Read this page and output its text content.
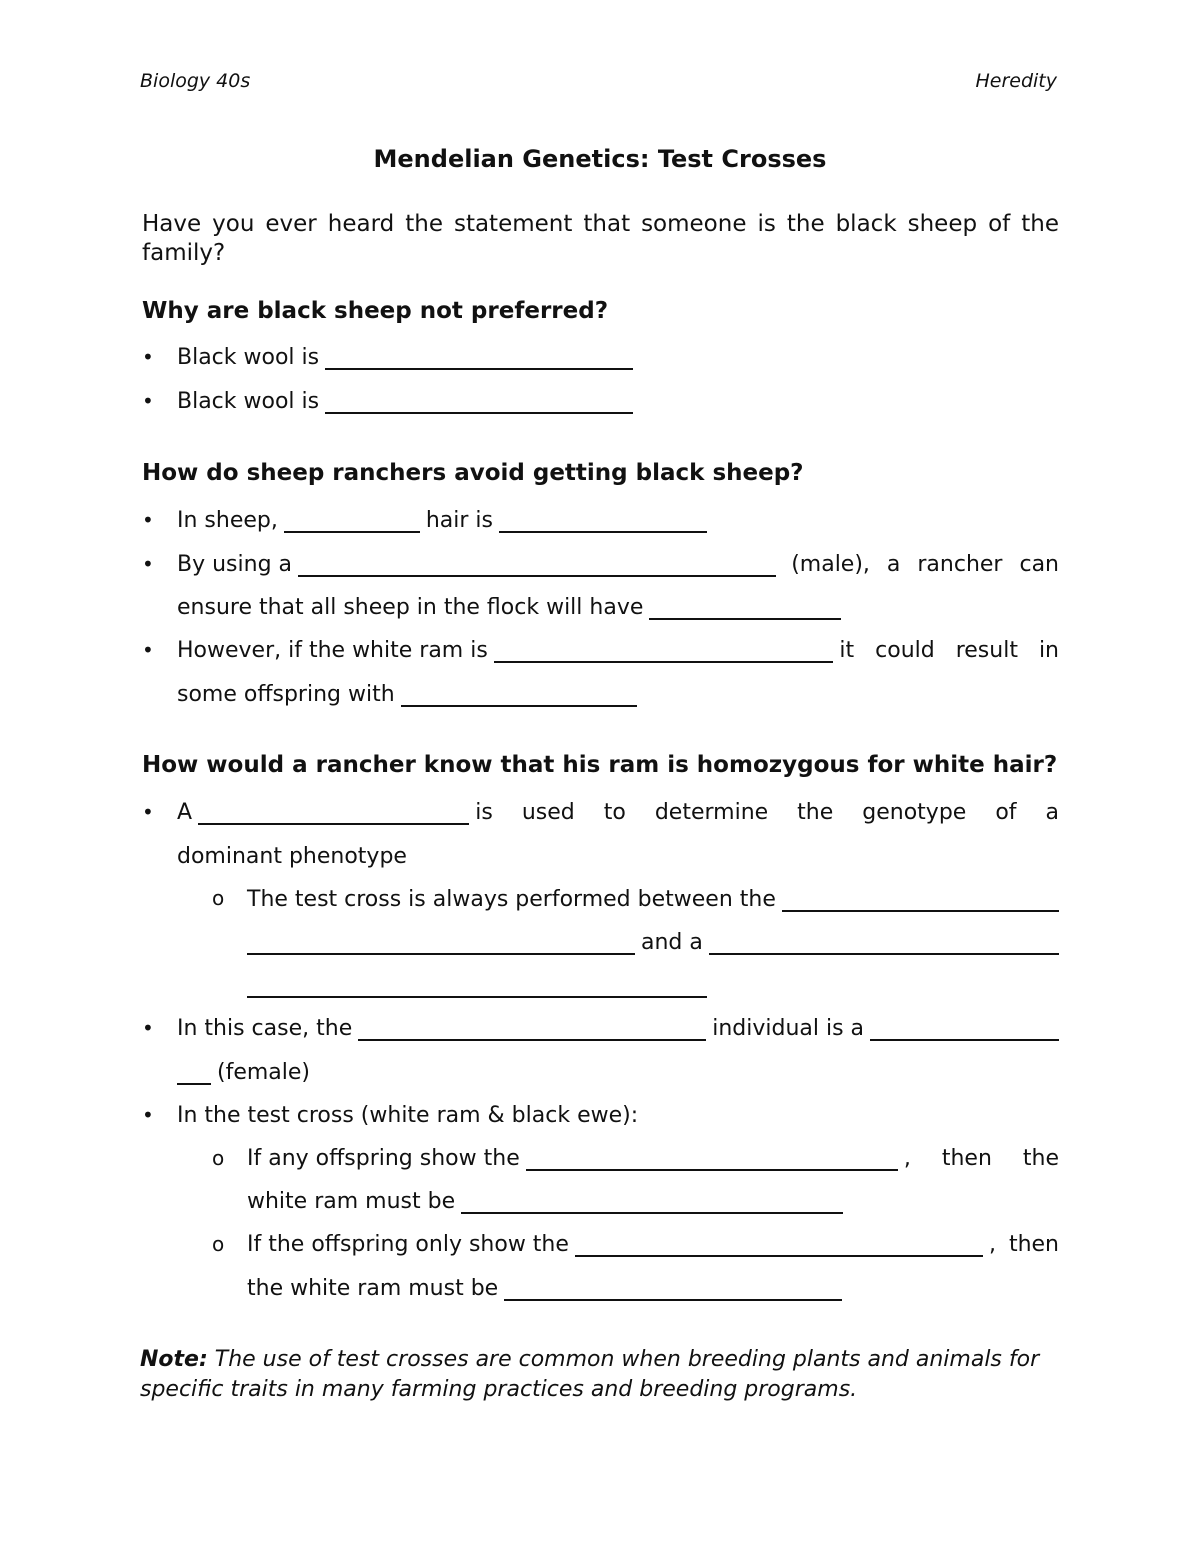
Biology 40s	Heredity
Mendelian Genetics: Test Crosses
Have you ever heard the statement that someone is the black sheep of the family?
Why are black sheep not preferred?
• Black wool is
• Black wool is
How do sheep ranchers avoid getting black sheep?
• In sheep,	hair is
• By using a	(male), a rancher can
ensure that all sheep in the flock will have
• However, if the white ram is	it could result in
some offspring with
How would a rancher know that his ram is homozygous for white hair?
• A	is used to determine the genotype of a
dominant phenotype
o The test cross is always performed between the
and a
• In this case, the	individual is a
(female)
• In the test cross (white ram & black ewe):
o If any offspring show the	, then the
white ram must be
o If the offspring only show the	, then
the white ram must be
Note: The use of test crosses are common when breeding plants and animals for specific traits in many farming practices and breeding programs.
